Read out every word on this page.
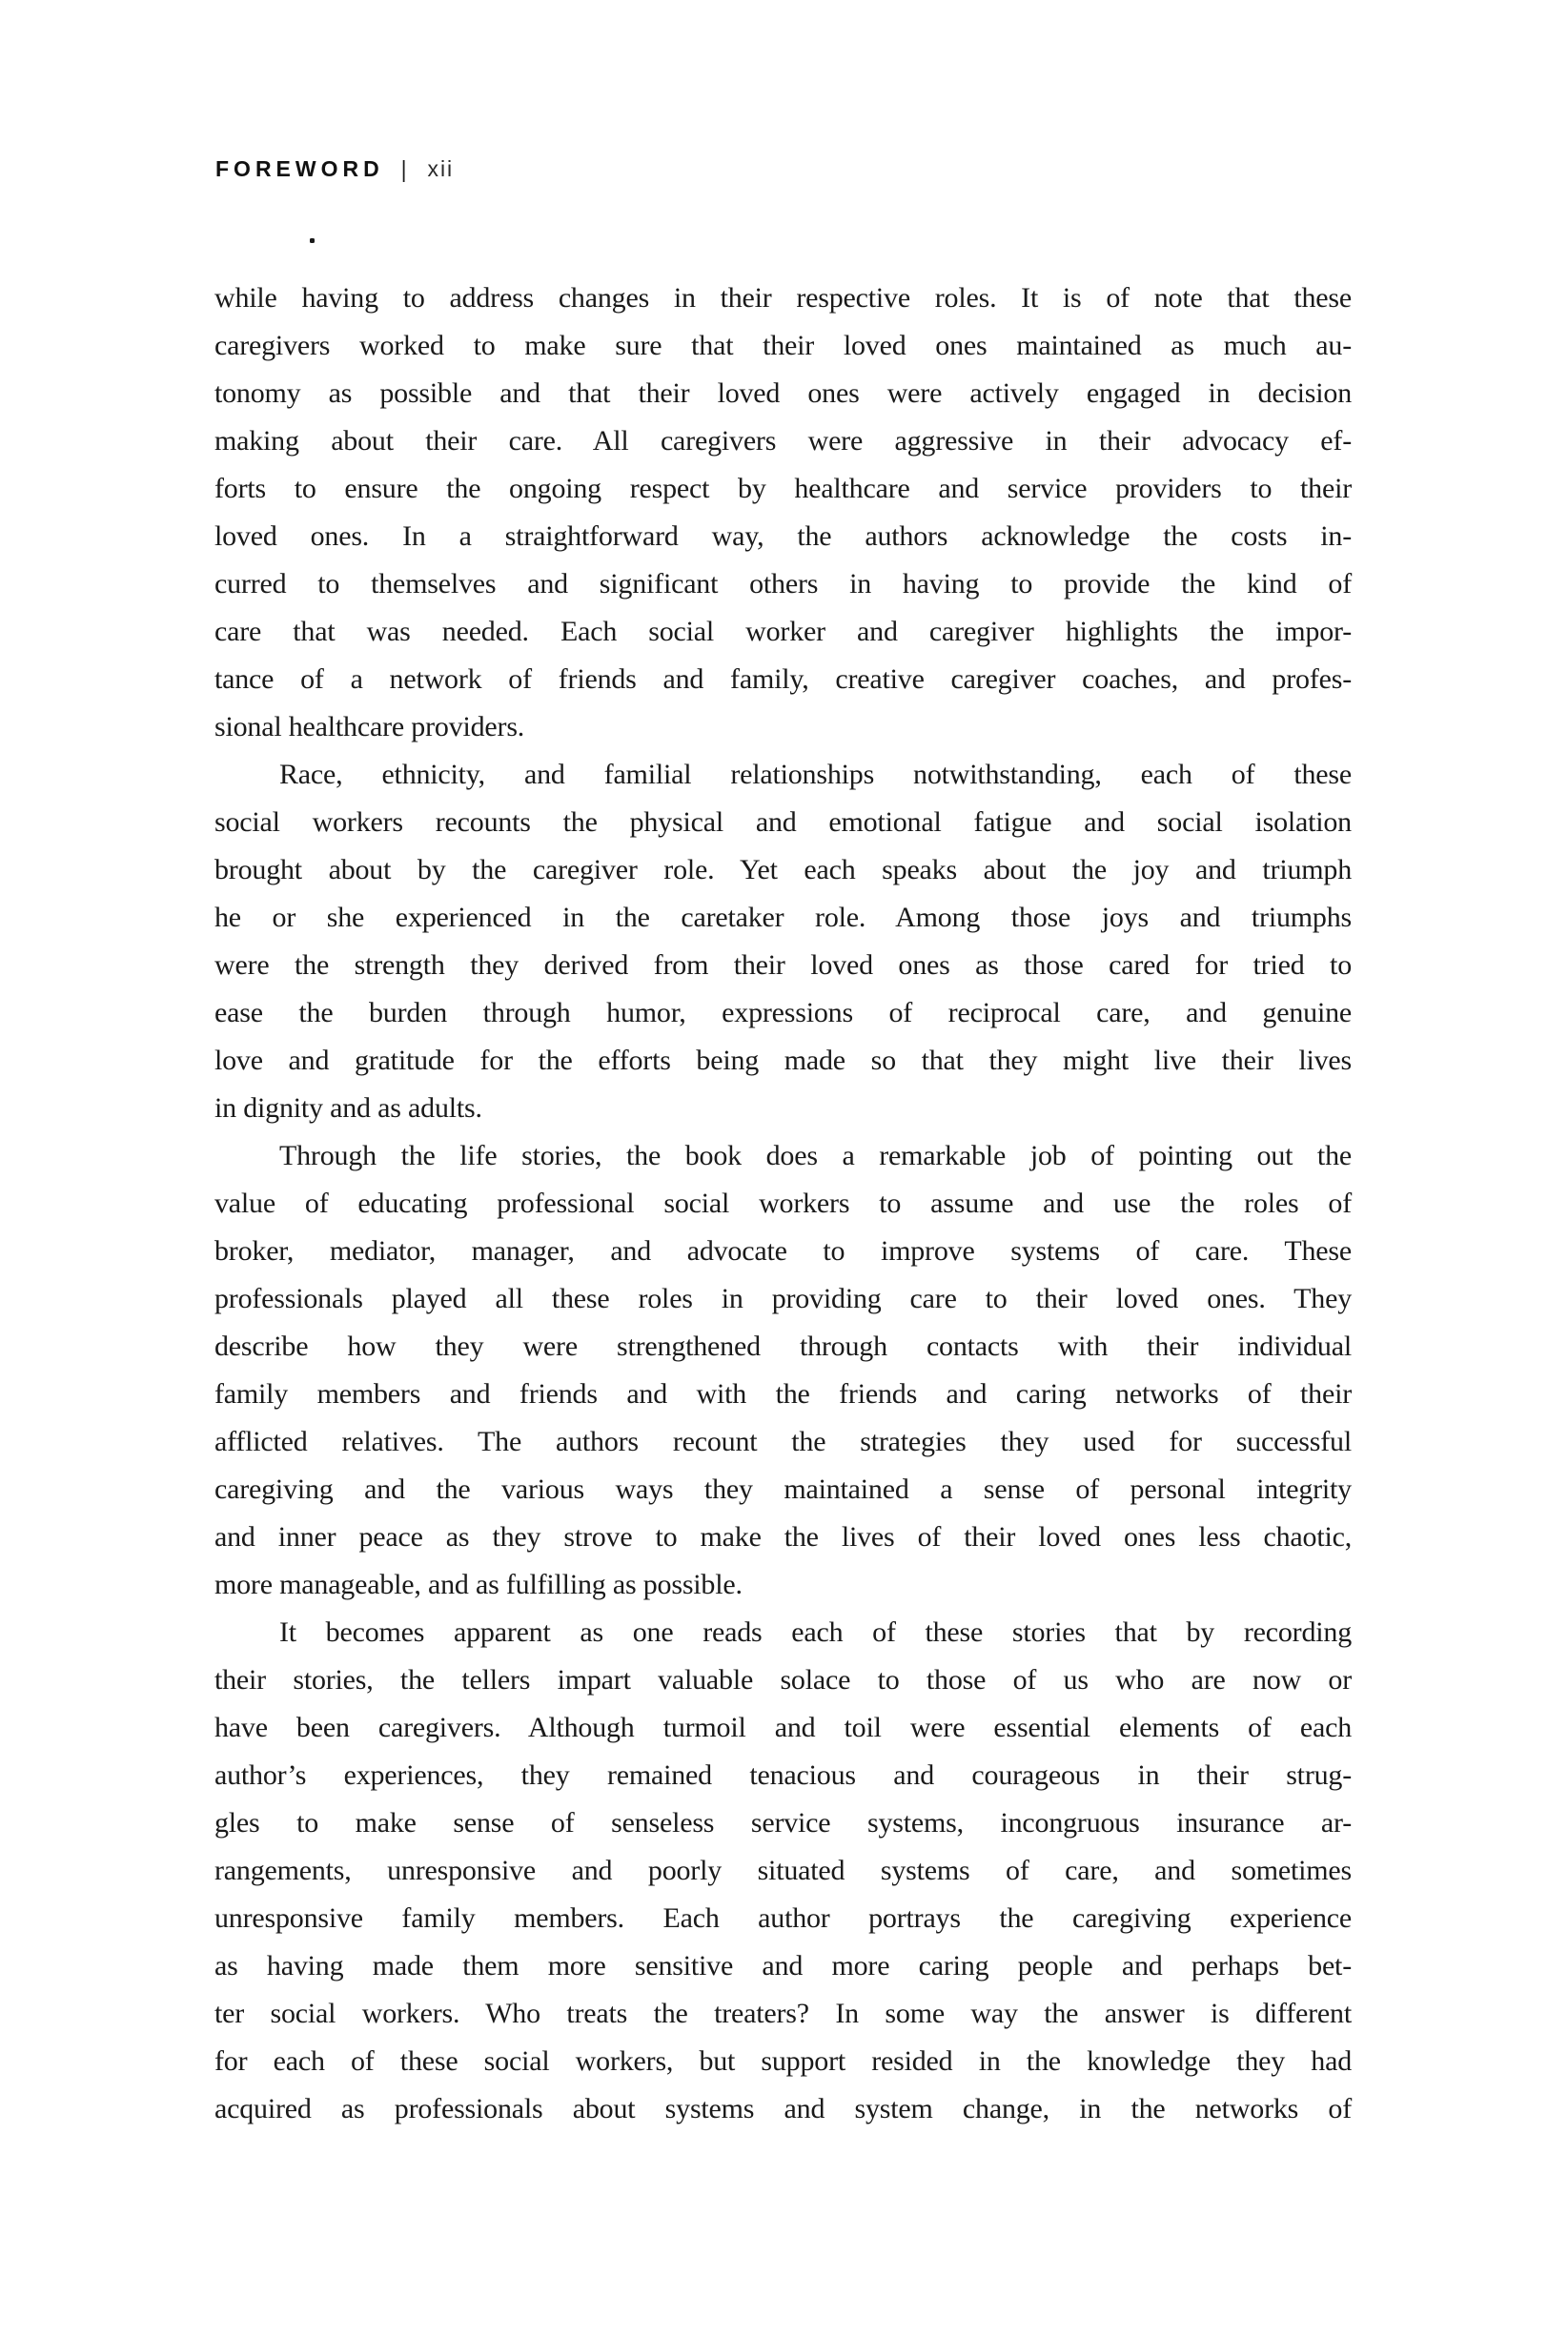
FOREWORD | xii
while having to address changes in their respective roles. It is of note that these
caregivers worked to make sure that their loved ones maintained as much au-
tonomy as possible and that their loved ones were actively engaged in decision
making about their care. All caregivers were aggressive in their advocacy ef-
forts to ensure the ongoing respect by healthcare and service providers to their
loved ones. In a straightforward way, the authors acknowledge the costs in-
curred to themselves and significant others in having to provide the kind of
care that was needed. Each social worker and caregiver highlights the impor-
tance of a network of friends and family, creative caregiver coaches, and profes-
sional healthcare providers.
Race, ethnicity, and familial relationships notwithstanding, each of these
social workers recounts the physical and emotional fatigue and social isolation
brought about by the caregiver role. Yet each speaks about the joy and triumph
he or she experienced in the caretaker role. Among those joys and triumphs
were the strength they derived from their loved ones as those cared for tried to
ease the burden through humor, expressions of reciprocal care, and genuine
love and gratitude for the efforts being made so that they might live their lives
in dignity and as adults.
Through the life stories, the book does a remarkable job of pointing out the
value of educating professional social workers to assume and use the roles of
broker, mediator, manager, and advocate to improve systems of care. These
professionals played all these roles in providing care to their loved ones. They
describe how they were strengthened through contacts with their individual
family members and friends and with the friends and caring networks of their
afflicted relatives. The authors recount the strategies they used for successful
caregiving and the various ways they maintained a sense of personal integrity
and inner peace as they strove to make the lives of their loved ones less chaotic,
more manageable, and as fulfilling as possible.
It becomes apparent as one reads each of these stories that by recording
their stories, the tellers impart valuable solace to those of us who are now or
have been caregivers. Although turmoil and toil were essential elements of each
author’s experiences, they remained tenacious and courageous in their strug-
gles to make sense of senseless service systems, incongruous insurance ar-
rangements, unresponsive and poorly situated systems of care, and sometimes
unresponsive family members. Each author portrays the caregiving experience
as having made them more sensitive and more caring people and perhaps bet-
ter social workers. Who treats the treaters? In some way the answer is different
for each of these social workers, but support resided in the knowledge they had
acquired as professionals about systems and system change, in the networks of
